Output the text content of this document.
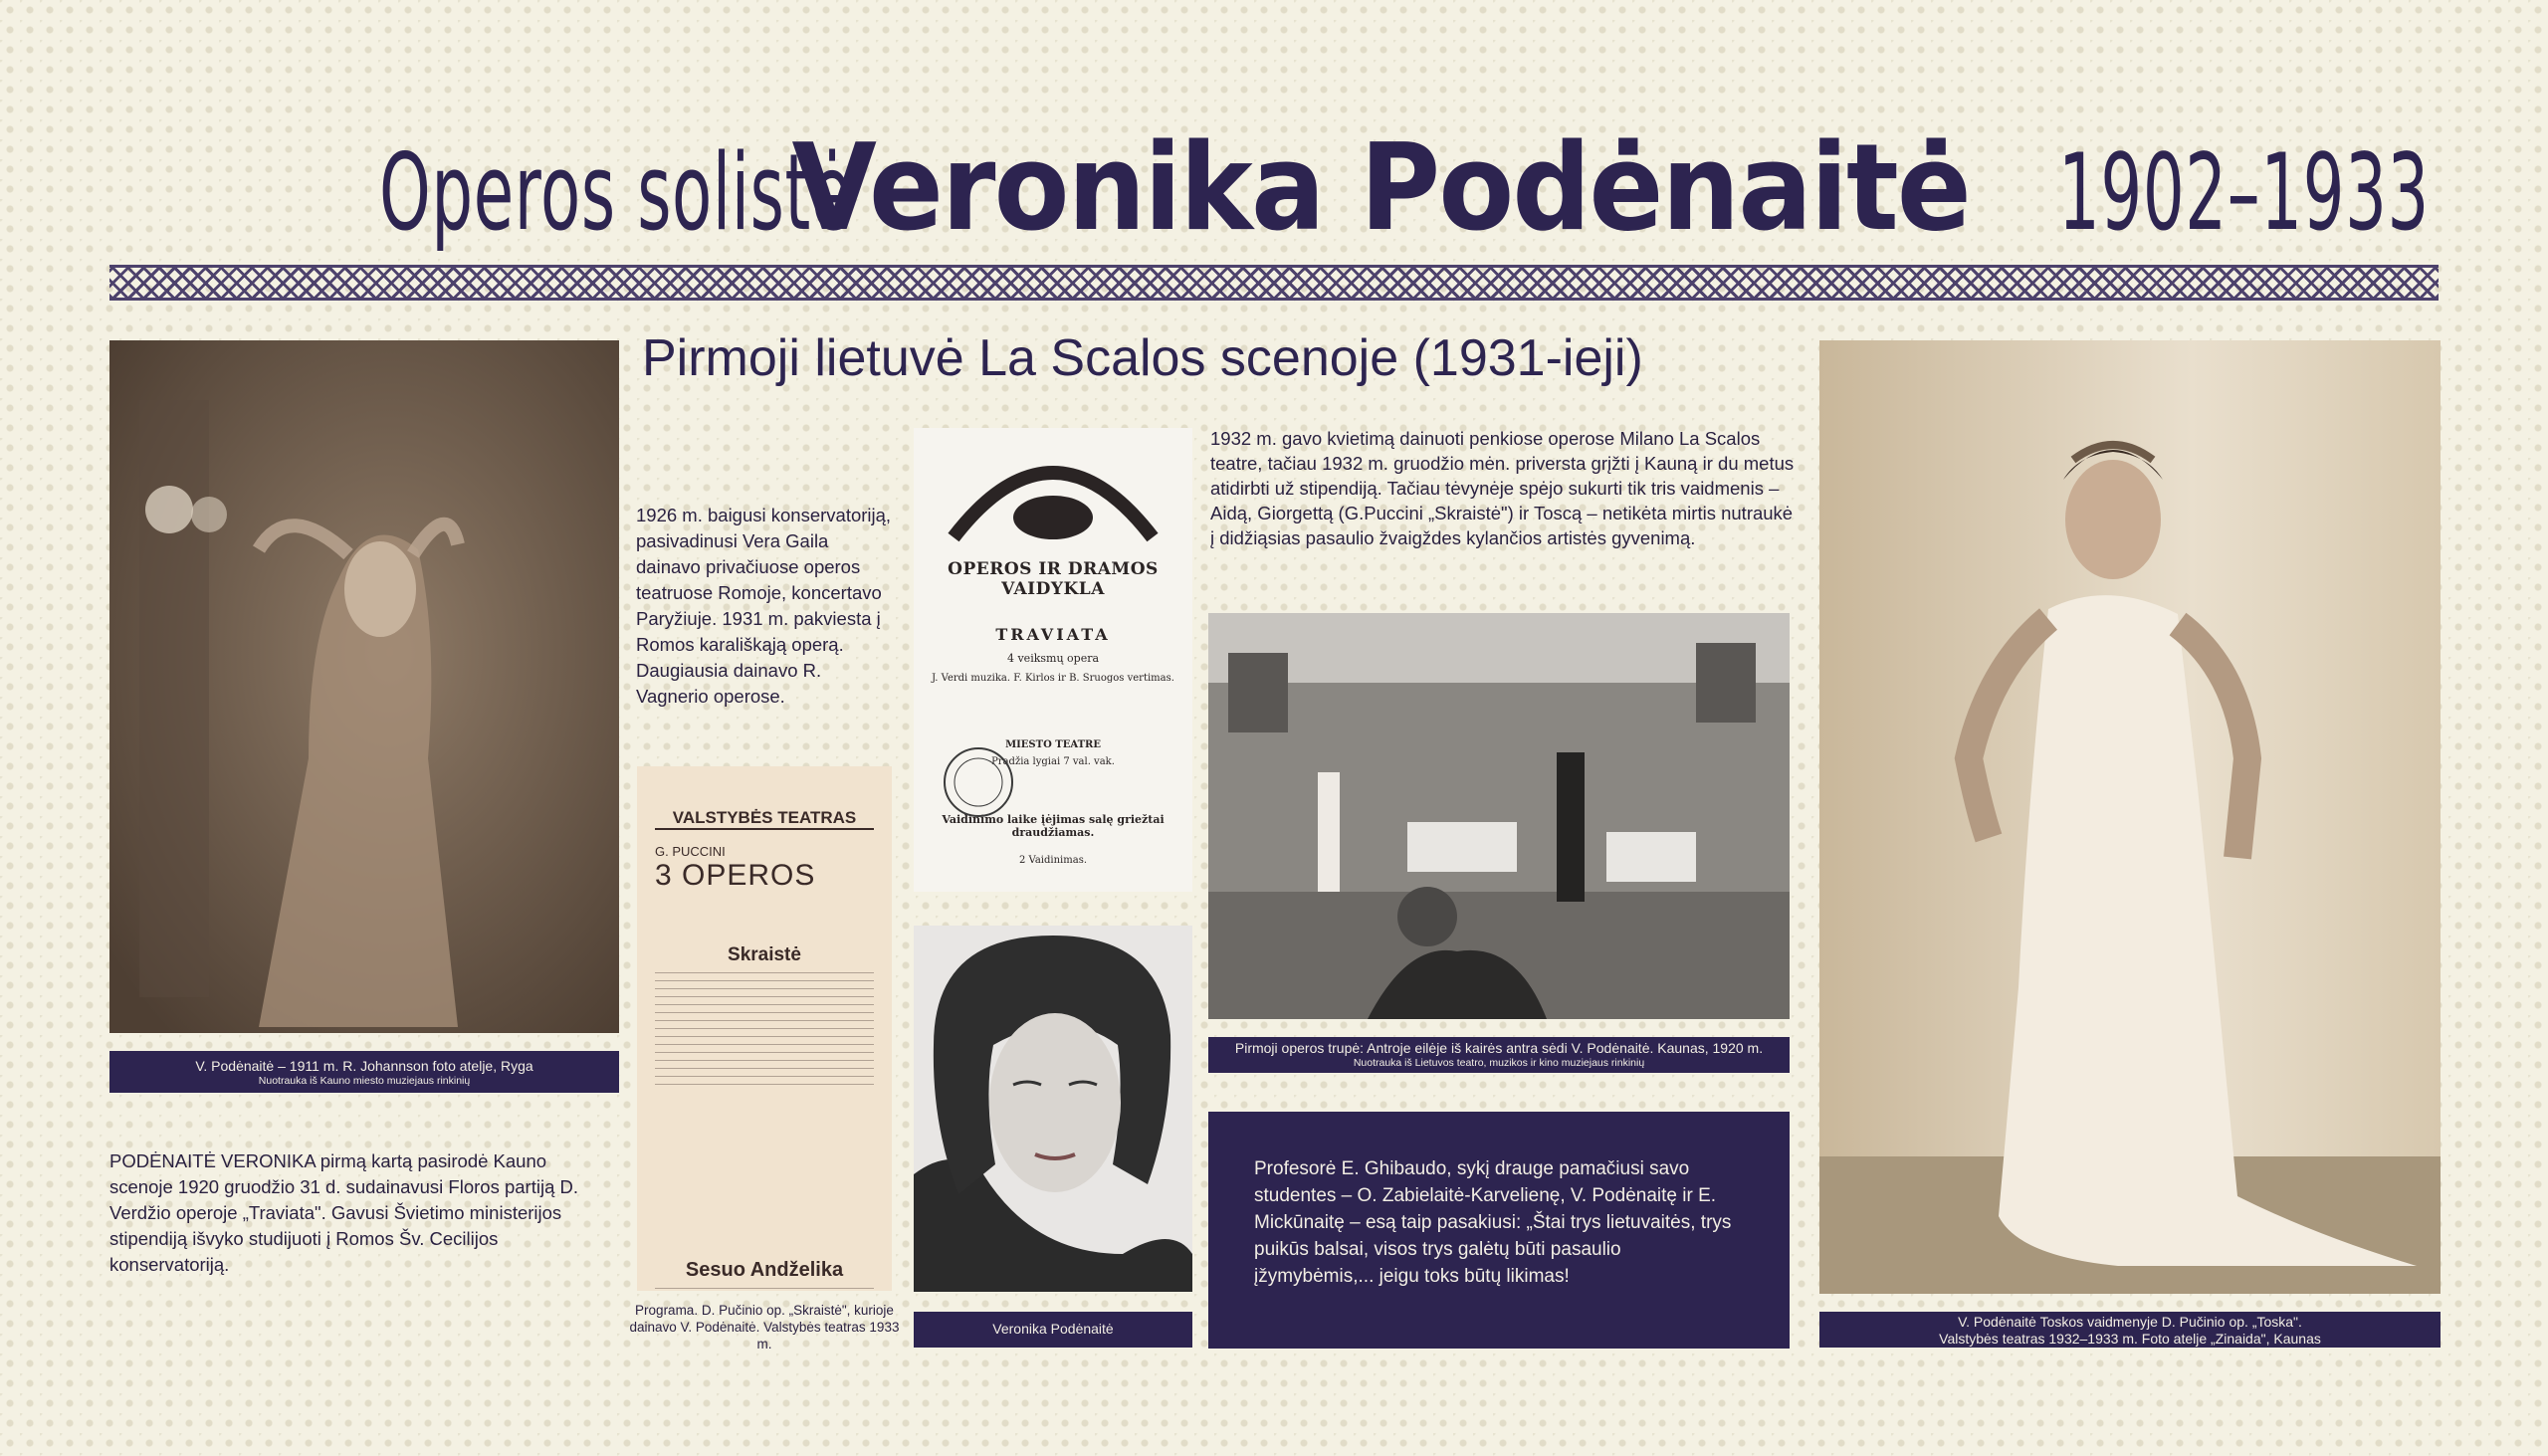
Operos solistė
Veronika Podėnaitė 1902–1933
Pirmoji lietuvė La Scalos scenoje (1931-ieji)
V. Podėnaitė – 1911 m. R. Johannson foto atelje, Ryga
Nuotrauka iš Kauno miesto muziejaus rinkinių
PODĖNAITĖ VERONIKA pirmą kartą pasirodė Kauno scenoje 1920 gruodžio 31 d. sudainavusi Floros partiją D. Verdžio operoje „Traviata". Gavusi Švietimo ministerijos stipendiją išvyko studijuoti į Romos Šv. Cecilijos konservatoriją.
1926 m. baigusi konservatoriją, pasivadinusi Vera Gaila dainavo privačiuose operos teatruose Romoje, koncertavo Paryžiuje. 1931 m. pakviesta į Romos karališkąją operą. Daugiausia dainavo R. Vagnerio operose.
VALSTYBĖS TEATRAS
G. PUCCINI
3 OPEROS
Skraistė
Sesuo Andželika
Programa. D. Pučinio op. „Skraistė", kurioje dainavo V. Podėnaitė. Valstybės teatras 1933 m.
OPEROS IR DRAMOS VAIDYKLA
TRAVIATA
4 veiksmų opera
J. Verdi muzika. F. Kirlos ir B. Sruogos vertimas.
MIESTO TEATRE
Pradžia lygiai 7 val. vak.
Vaidinimo laike įėjimas salę griežtai draudžiamas.
2 Vaidinimas.
Veronika Podėnaitė
1932 m. gavo kvietimą dainuoti penkiose operose Milano La Scalos teatre, tačiau 1932 m. gruodžio mėn. priversta grįžti į Kauną ir du metus atidirbti už stipendiją. Tačiau tėvynėje spėjo sukurti tik tris vaidmenis – Aidą, Giorgettą (G.Puccini „Skraistė") ir Toscą – netikėta mirtis nutraukė į didžiąsias pasaulio žvaigždes kylančios artistės gyvenimą.
Pirmoji operos trupė: Antroje eilėje iš kairės antra sėdi V. Podėnaitė. Kaunas, 1920 m.
Nuotrauka iš Lietuvos teatro, muzikos ir kino muziejaus rinkinių
Profesorė E. Ghibaudo, sykį drauge pamačiusi savo studentes – O. Zabielaitė-Karvelienę, V. Podėnaitę ir E. Mickūnaitę – esą taip pasakiusi: „Štai trys lietuvaitės, trys puikūs balsai, visos trys galėtų būti pasaulio įžymybėmis,... jeigu toks būtų likimas!
V. Podėnaitė Toskos vaidmenyje D. Pučinio op. „Toska".
Valstybės teatras 1932–1933 m. Foto atelje „Zinaida", Kaunas
